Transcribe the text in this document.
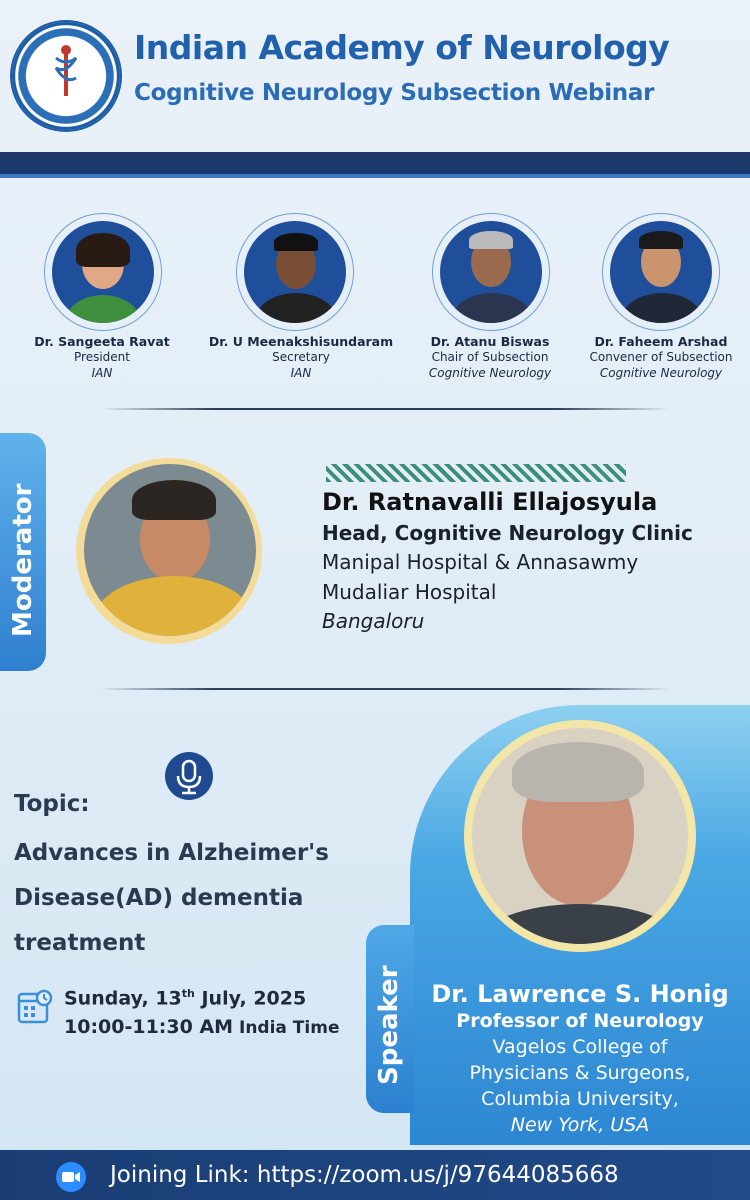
Indian Academy of Neurology
Cognitive Neurology Subsection Webinar
Dr. Sangeeta Ravat
President
IAN
Dr. U Meenakshisundaram
Secretary
IAN
Dr. Atanu Biswas
Chair of Subsection
Cognitive Neurology
Dr. Faheem Arshad
Convener of Subsection
Cognitive Neurology
Moderator	Dr. Ratnavalli Ellajosyula
Head, Cognitive Neurology Clinic
Manipal Hospital & Annasawmy
Mudaliar Hospital
Bangaloru
Topic:
Advances in Alzheimer's
Disease(AD) dementia
treatment
Sunday, 13th July, 2025
10:00-11:30 AM India Time Speaker	Dr. Lawrence S. Honig
Professor of Neurology
Vagelos College of
Physicians & Surgeons,
Columbia University,
New York, USA
Joining Link: https://zoom.us/j/97644085668
